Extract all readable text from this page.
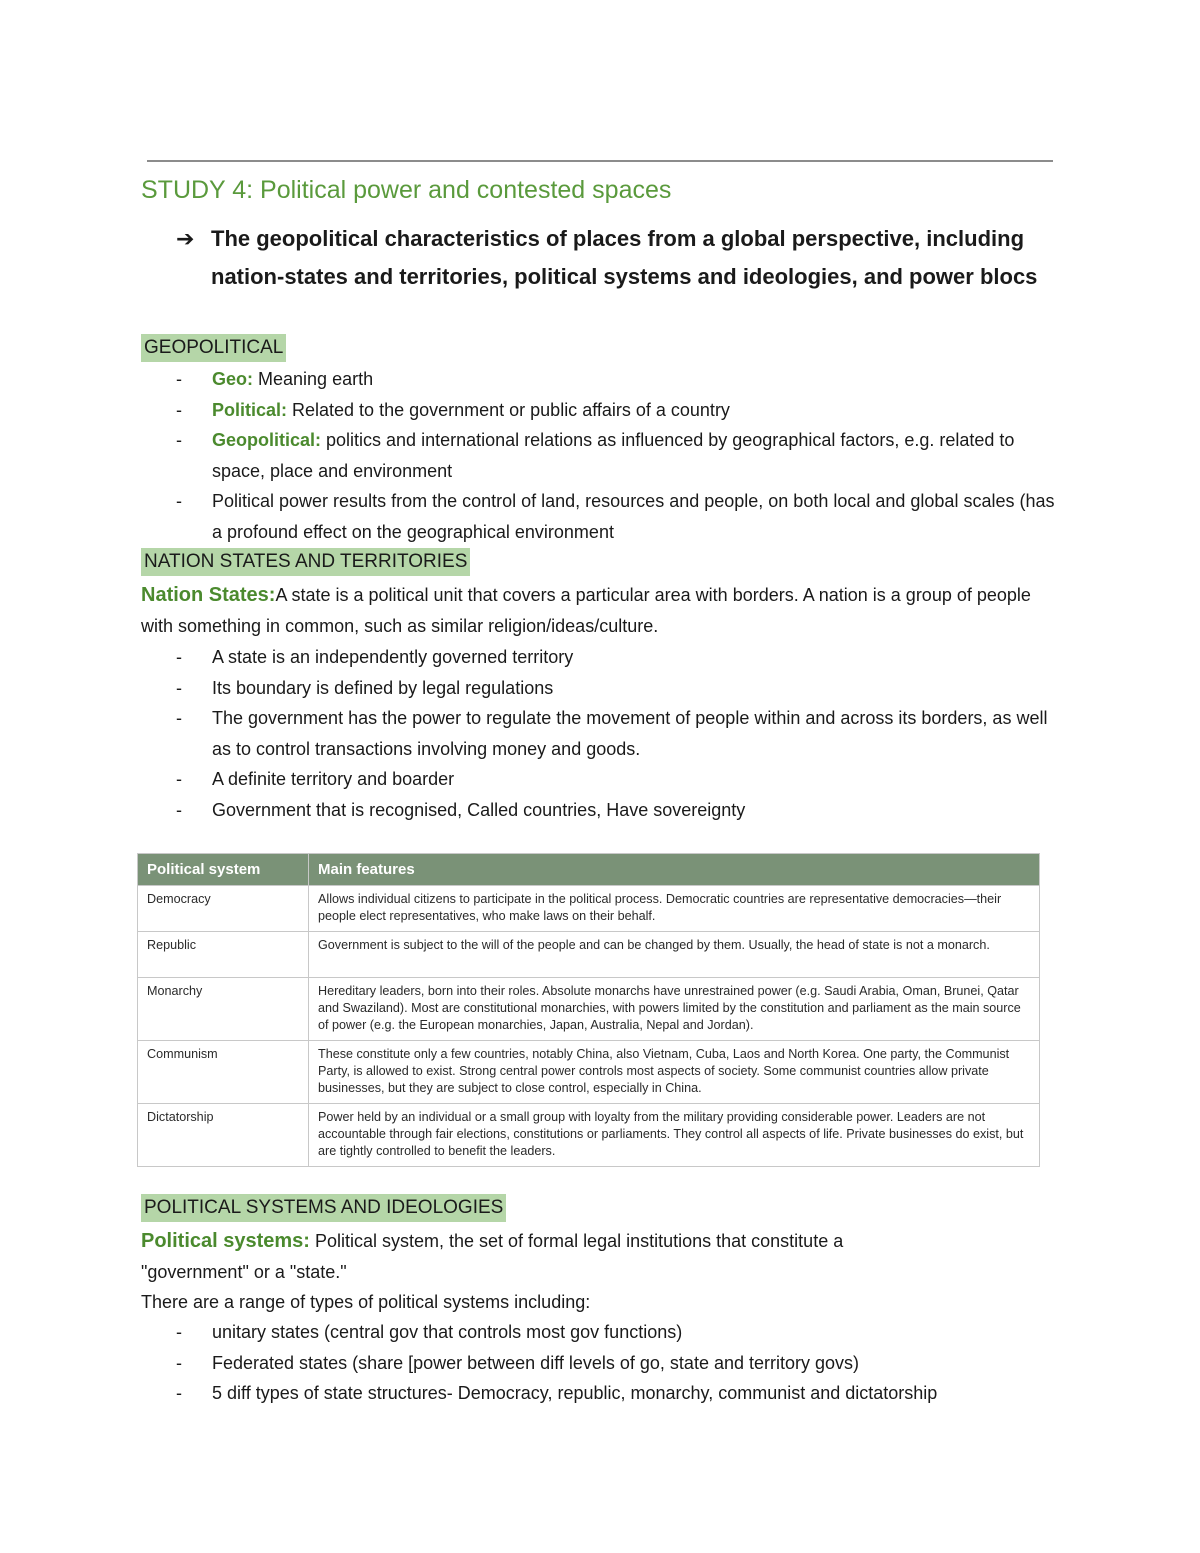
STUDY 4: Political power and contested spaces
➔ The geopolitical characteristics of places from a global perspective, including nation-states and territories, political systems and ideologies, and power blocs
GEOPOLITICAL
- Geo: Meaning earth
- Political: Related to the government or public affairs of a country
- Geopolitical: politics and international relations as influenced by geographical factors, e.g. related to space, place and environment
- Political power results from the control of land, resources and people, on both local and global scales (has a profound effect on the geographical environment
NATION STATES AND TERRITORIES
Nation States:A state is a political unit that covers a particular area with borders. A nation is a group of people with something in common, such as similar religion/ideas/culture.
- A state is an independently governed territory
- Its boundary is defined by legal regulations
- The government has the power to regulate the movement of people within and across its borders, as well as to control transactions involving money and goods.
- A definite territory and boarder
- Government that is recognised, Called countries, Have sovereignty
Political system	Main features
Democracy	Allows individual citizens to participate in the political process. Democratic countries are representative democracies—their people elect representatives, who make laws on their behalf.
Republic	Government is subject to the will of the people and can be changed by them. Usually, the head of state is not a monarch.
Monarchy	Hereditary leaders, born into their roles. Absolute monarchs have unrestrained power (e.g. Saudi Arabia, Oman, Brunei, Qatar and Swaziland). Most are constitutional monarchies, with powers limited by the constitution and parliament as the main source of power (e.g. the European monarchies, Japan, Australia, Nepal and Jordan).
Communism	These constitute only a few countries, notably China, also Vietnam, Cuba, Laos and North Korea. One party, the Communist Party, is allowed to exist. Strong central power controls most aspects of society. Some communist countries allow private businesses, but they are subject to close control, especially in China.
Dictatorship	Power held by an individual or a small group with loyalty from the military providing considerable power. Leaders are not accountable through fair elections, constitutions or parliaments. They control all aspects of life. Private businesses do exist, but are tightly controlled to benefit the leaders.
POLITICAL SYSTEMS AND IDEOLOGIES
Political systems: Political system, the set of formal legal institutions that constitute a "government" or a "state."
There are a range of types of political systems including:
- unitary states (central gov that controls most gov functions)
- Federated states (share [power between diff levels of go, state and territory govs)
- 5 diff types of state structures- Democracy, republic, monarchy, communist and dictatorship
